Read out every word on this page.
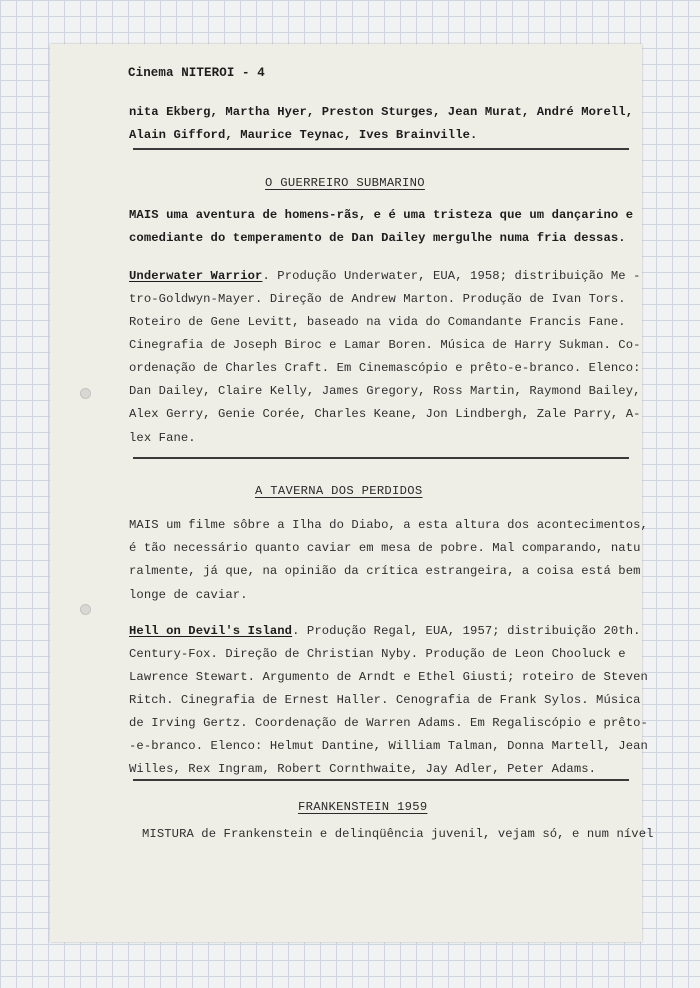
Cinema NITEROI - 4
nita Ekberg, Martha Hyer, Preston Sturges, Jean Murat, André Morell,
Alain Gifford, Maurice Teynac, Ives Brainville.
O GUERREIRO SUBMARINO
MAIS uma aventura de homens-rãs, e é uma tristeza que um dançarino e
comediante do temperamento de Dan Dailey mergulhe numa fria dessas.
Underwater Warrior. Produção Underwater, EUA, 1958; distribuição Me -
tro-Goldwyn-Mayer. Direção de Andrew Marton. Produção de Ivan Tors.
Roteiro de Gene Levitt, baseado na vida do Comandante Francis Fane.
Cinegrafia de Joseph Biroc e Lamar Boren. Música de Harry Sukman. Co-
ordenação de Charles Craft. Em Cinemascópio e prêto-e-branco. Elenco:
Dan Dailey, Claire Kelly, James Gregory, Ross Martin, Raymond Bailey,
Alex Gerry, Genie Corée, Charles Keane, Jon Lindbergh, Zale Parry, A-
lex Fane.
A TAVERNA DOS PERDIDOS
MAIS um filme sôbre a Ilha do Diabo, a esta altura dos acontecimentos,
é tão necessário quanto caviar em mesa de pobre. Mal comparando, natu
ralmente, já que, na opinião da crítica estrangeira, a coisa está bem
longe de caviar.
Hell on Devil's Island. Produção Regal, EUA, 1957; distribuição 20th.
Century-Fox. Direção de Christian Nyby. Produção de Leon Chooluck e
Lawrence Stewart. Argumento de Arndt e Ethel Giusti; roteiro de Steven
Ritch. Cinegrafia de Ernest Haller. Cenografia de Frank Sylos. Música
de Irving Gertz. Coordenação de Warren Adams. Em Regaliscópio e prêto-
-e-branco. Elenco: Helmut Dantine, William Talman, Donna Martell, Jean
Willes, Rex Ingram, Robert Cornthwaite, Jay Adler, Peter Adams.
FRANKENSTEIN 1959
MISTURA de Frankenstein e delinqüência juvenil, vejam só, e num nível
